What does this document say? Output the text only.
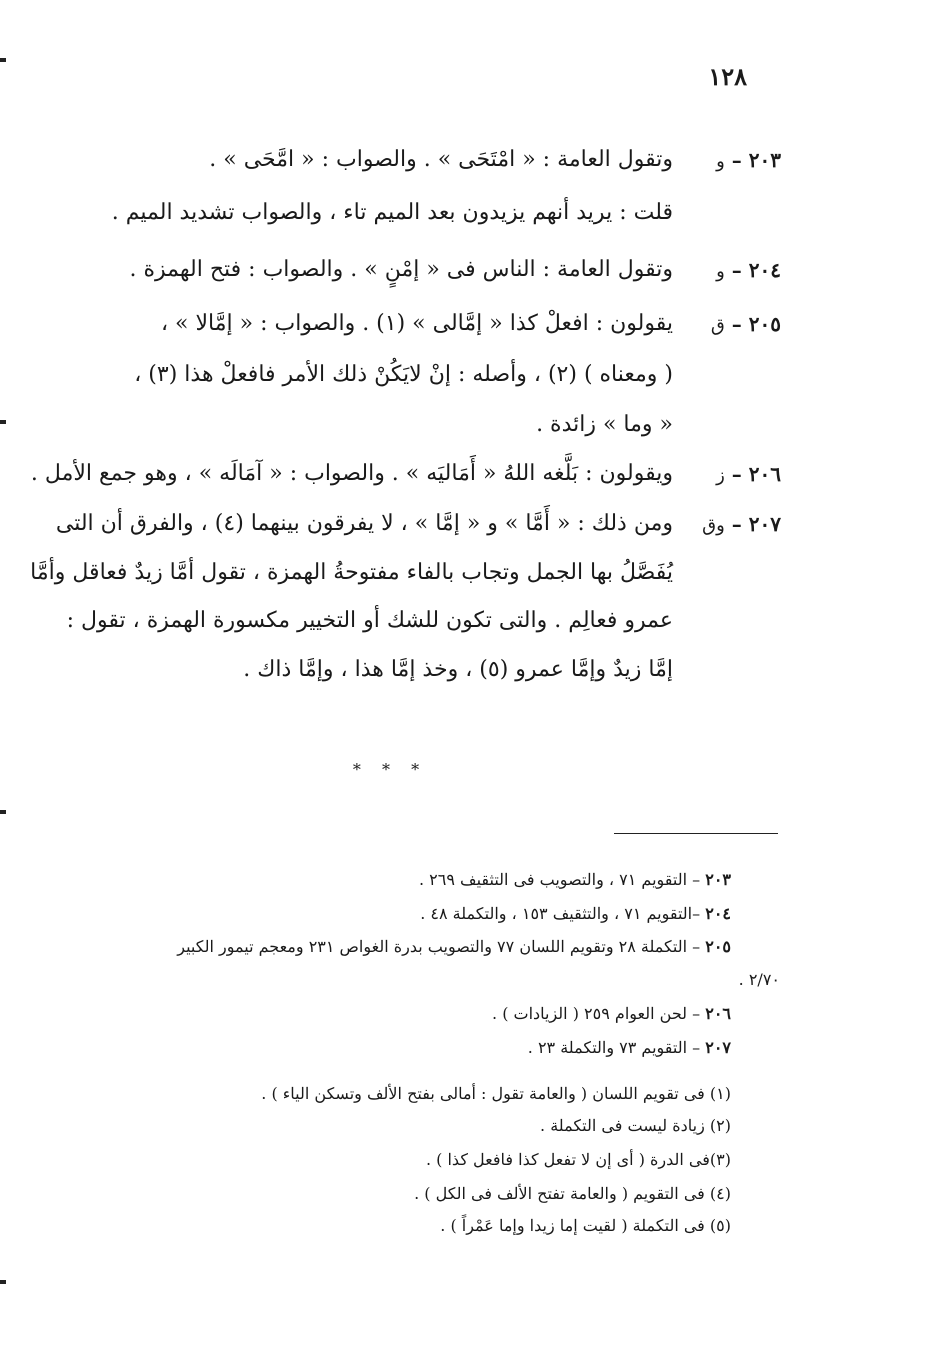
١٢٨
٢٠٣ – و
وتقول العامة : « امْتَحَى » . والصواب : « امَّحَى » .
قلت : يريد أنهم يزيدون بعد الميم تاء ، والصواب تشديد الميم .
٢٠٤ – و
وتقول العامة : الناس فى « إمْنٍ » . والصواب : فتح الهمزة .
٢٠٥ – ق
يقولون : افعلْ كذا « إمَّالى » (١) . والصواب : « إمَّالا » ،
( ومعناه ) (٢) ، وأصله : إنْ لايَكُنْ ذلك الأمر فافعلْ هذا (٣) ،
« وما » زائدة .
٢٠٦ – ز
ويقولون : بَلَّغه اللهُ « أَمَاليَه » . والصواب : « آمَالَه » ، وهو جمع الأمل .
٢٠٧ – وق
ومن ذلك : « أَمَّا » و « إمَّا » ، لا يفرقون بينهما (٤) ، والفرق أن التى
يُفَصَّلُ بها الجمل وتجاب بالفاء مفتوحةُ الهمزة ، تقول أمَّا زيدٌ فعاقل وأمَّا
عمرو فعالِم . والتى تكون للشك أو التخيير مكسورة الهمزة ، تقول :
إمَّا زيدٌ وإمَّا عمرو (٥) ، وخذ إمَّا هذا ، وإمَّا ذاك .
* * *
٢٠٣ – التقويم ٧١ ، والتصويب فى التثقيف ٢٦٩ .
٢٠٤ –التقويم ٧١ ، والتثقيف ١٥٣ ، والتكملة ٤٨ .
٢٠٥ – التكملة ٢٨ وتقويم اللسان ٧٧ والتصويب بدرة الغواص ٢٣١ ومعجم تيمور الكبير
٢/٧٠ .
٢٠٦ – لحن العوام ٢٥٩ ( الزيادات ) .
٢٠٧ – التقويم ٧٣ والتكملة ٢٣ .
(١) فى تقويم اللسان ( والعامة تقول : أمالى بفتح الألف وتسكن الياء ) .
(٢) زيادة ليست فى التكملة .
(٣)فى الدرة ( أى إن لا تفعل كذا فافعل كذا ) .
(٤) فى التقويم ( والعامة تفتح الألف فى الكل ) .
(٥) فى التكملة ( لقيت إما زيدا وإما عَمْراً ) .
